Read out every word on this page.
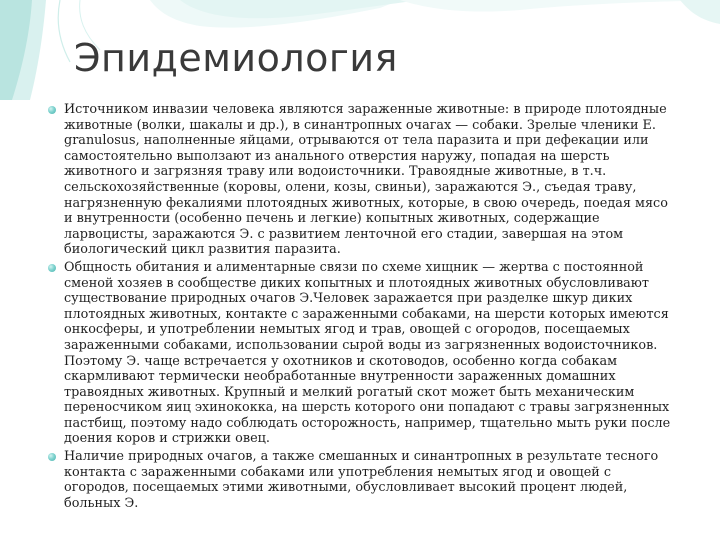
Эпидемиология
Источником инвазии человека являются зараженные животные: в природе плотоядные животные (волки, шакалы и др.), в синантропных очагах — собаки. Зрелые членики E. granulosus, наполненные яйцами, отрываются от тела паразита и при дефекации или самостоятельно выползают из анального отверстия наружу, попадая на шерсть животного и загрязняя траву или водоисточники. Травоядные животные, в т.ч. сельскохозяйственные (коровы, олени, козы, свиньи), заражаются Э., съедая траву, нагрязненную фекалиями плотоядных животных, которые, в свою очередь, поедая мясо и внутренности (особенно печень и легкие) копытных животных, содержащие ларвоцисты, заражаются Э. с развитием ленточной его стадии, завершая на этом биологический цикл развития паразита.
Общность обитания и алиментарные связи по схеме хищник — жертва с постоянной сменой хозяев в сообществе диких копытных и плотоядных животных обусловливают существование природных очагов Э.Человек заражается при разделке шкур диких плотоядных животных, контакте с зараженными собаками, на шерсти которых имеются онкосферы, и употреблении немытых ягод и трав, овощей с огородов, посещаемых зараженными собаками, использовании сырой воды из загрязненных водоисточников. Поэтому Э. чаще встречается у охотников и скотоводов, особенно когда собакам скармливают термически необработанные внутренности зараженных домашних травоядных животных. Крупный и мелкий рогатый скот может быть механическим переносчиком яиц эхинококка, на шерсть которого они попадают с травы загрязненных пастбищ, поэтому надо соблюдать осторожность, например, тщательно мыть руки после доения коров и стрижки овец.
Наличие природных очагов, а также смешанных и синантропных в результате тесного контакта с зараженными собаками или употребления немытых ягод и овощей с огородов, посещаемых этими животными, обусловливает высокий процент людей, больных Э.
